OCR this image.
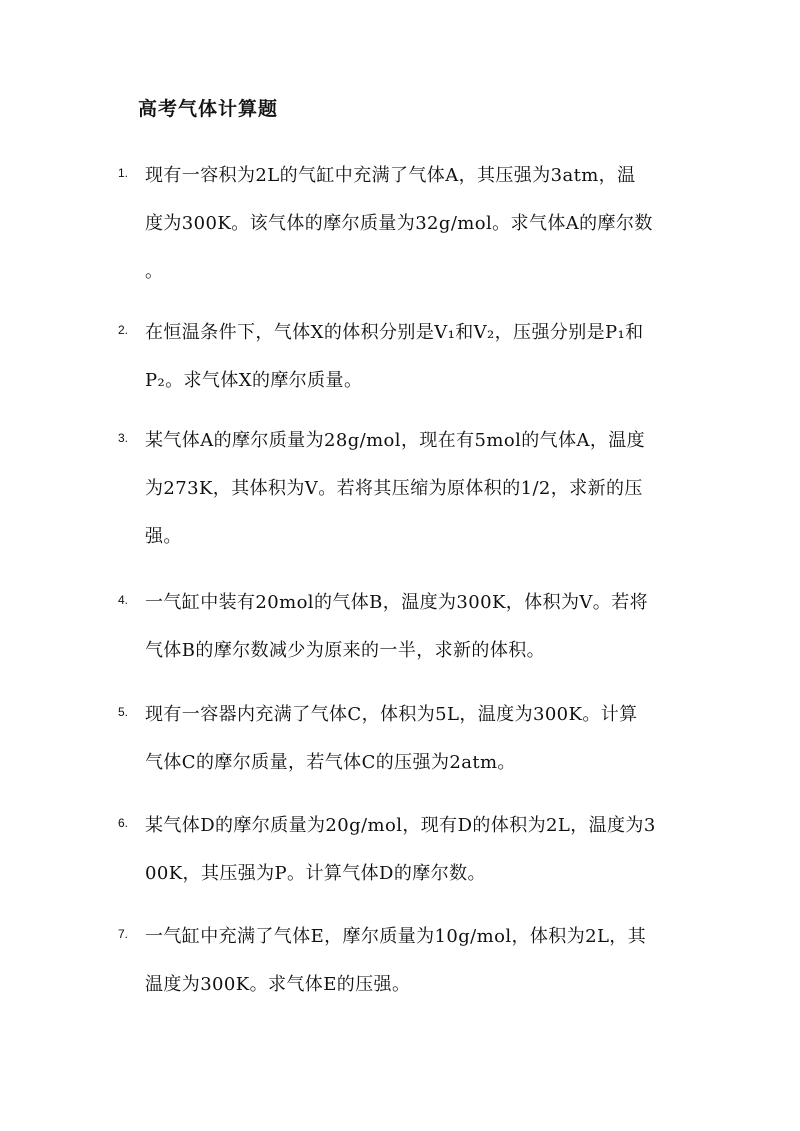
高考气体计算题
1. 现有一容积为2L的气缸中充满了气体A，其压强为3atm，温
度为300K。该气体的摩尔质量为32g/mol。求气体A的摩尔数
。
2. 在恒温条件下，气体X的体积分别是V₁和V₂，压强分别是P₁和
P₂。求气体X的摩尔质量。
3. 某气体A的摩尔质量为28g/mol，现在有5mol的气体A，温度
为273K，其体积为V。若将其压缩为原体积的1/2，求新的压
强。
4. 一气缸中装有20mol的气体B，温度为300K，体积为V。若将
气体B的摩尔数减少为原来的一半，求新的体积。
5. 现有一容器内充满了气体C，体积为5L，温度为300K。计算
气体C的摩尔质量，若气体C的压强为2atm。
6. 某气体D的摩尔质量为20g/mol，现有D的体积为2L，温度为3
00K，其压强为P。计算气体D的摩尔数。
7. 一气缸中充满了气体E，摩尔质量为10g/mol，体积为2L，其
温度为300K。求气体E的压强。
